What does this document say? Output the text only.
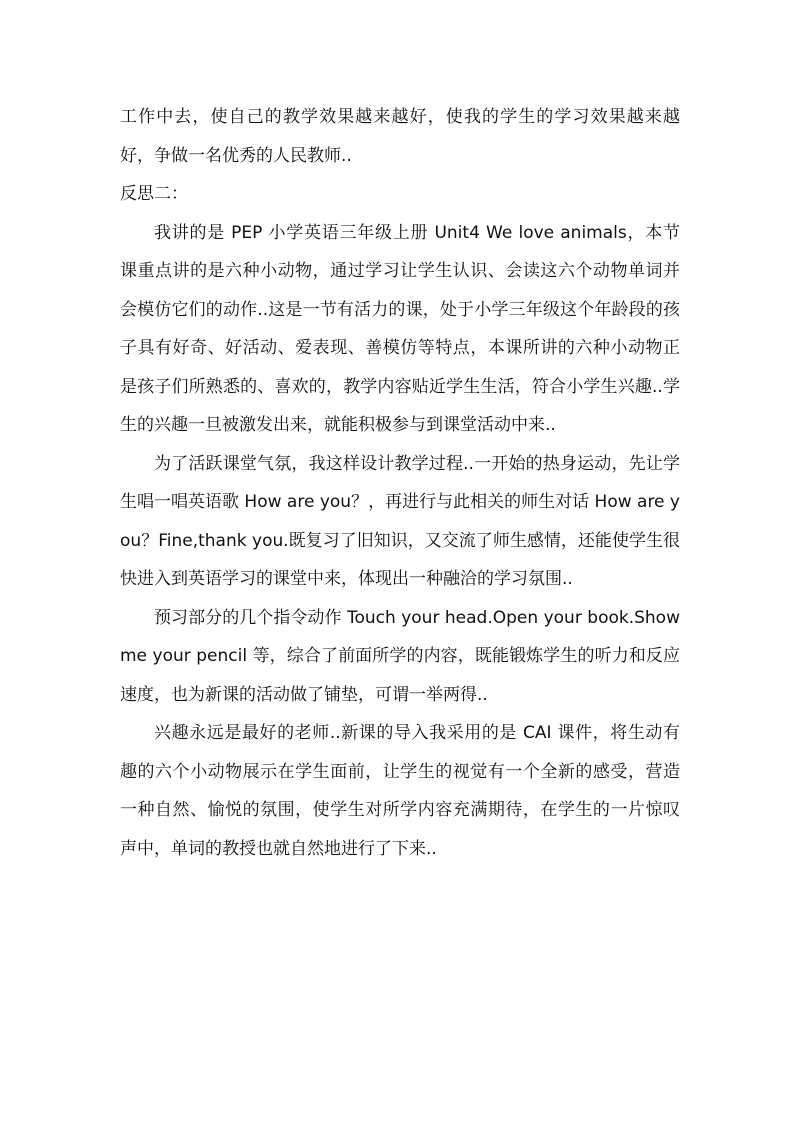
工作中去，使自己的教学效果越来越好，使我的学生的学习效果越来越好，争做一名优秀的人民教师..

反思二：

我讲的是 PEP 小学英语三年级上册 Unit4 We love animals，本节课重点讲的是六种小动物，通过学习让学生认识、会读这六个动物单词并会模仿它们的动作..这是一节有活力的课，处于小学三年级这个年龄段的孩子具有好奇、好活动、爱表现、善模仿等特点，本课所讲的六种小动物正是孩子们所熟悉的、喜欢的，教学内容贴近学生生活，符合小学生兴趣..学生的兴趣一旦被激发出来，就能积极参与到课堂活动中来..

为了活跃课堂气氛，我这样设计教学过程..一开始的热身运动，先让学生唱一唱英语歌 How are you？，再进行与此相关的师生对话 How are you？Fine,thank you.既复习了旧知识，又交流了师生感情，还能使学生很快进入到英语学习的课堂中来，体现出一种融洽的学习氛围..

预习部分的几个指令动作 Touch your head.Open your book.Show me your pencil 等，综合了前面所学的内容，既能锻炼学生的听力和反应速度，也为新课的活动做了铺垫，可谓一举两得..

兴趣永远是最好的老师..新课的导入我采用的是 CAI 课件，将生动有趣的六个小动物展示在学生面前，让学生的视觉有一个全新的感受，营造一种自然、愉悦的氛围，使学生对所学内容充满期待，在学生的一片惊叹声中，单词的教授也就自然地进行了下来..
